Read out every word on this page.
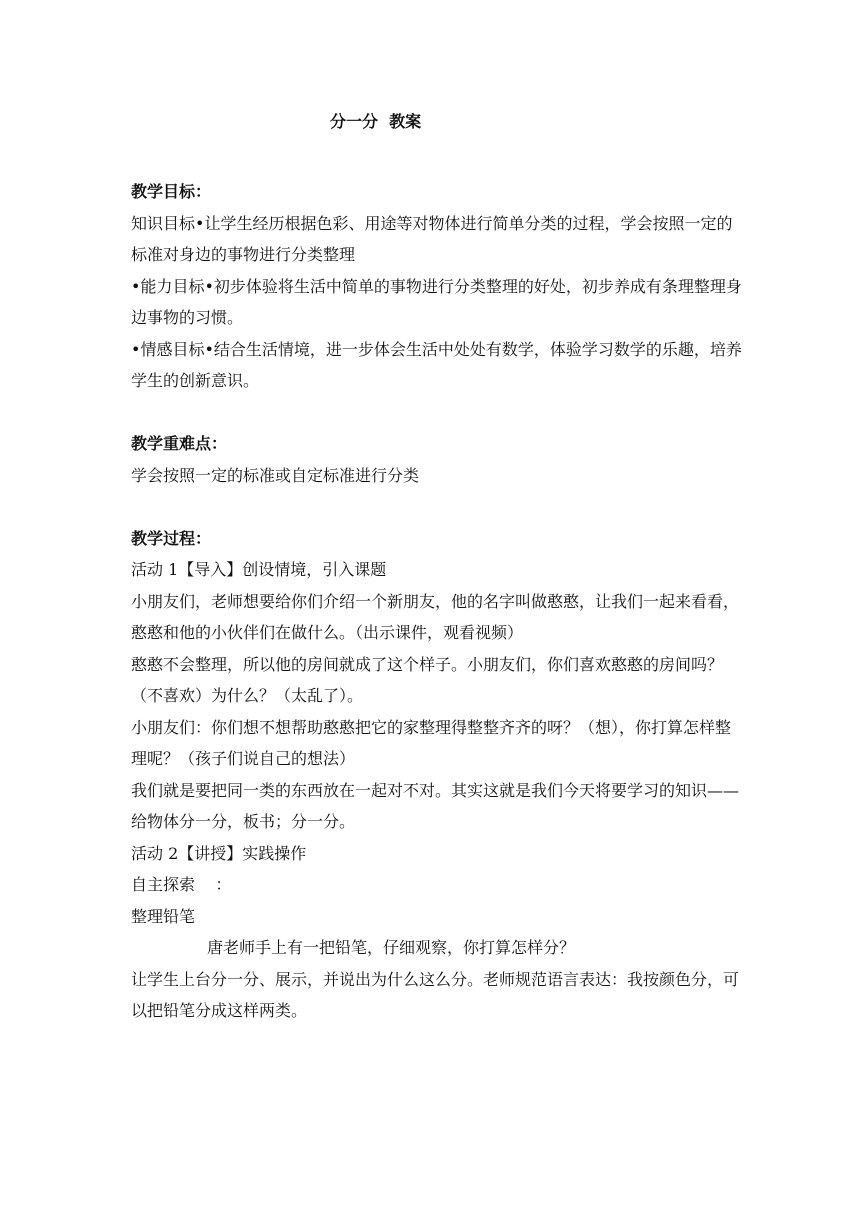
分一分  教案

教学目标：

知识目标•让学生经历根据色彩、用途等对物体进行简单分类的过程，学会按照一定的标准对身边的事物进行分类整理

•能力目标•初步体验将生活中简单的事物进行分类整理的好处，初步养成有条理整理身边事物的习惯。

•情感目标•结合生活情境，进一步体会生活中处处有数学，体验学习数学的乐趣，培养学生的创新意识。

教学重难点：

学会按照一定的标准或自定标准进行分类

教学过程：

活动 1【导入】创设情境，引入课题

小朋友们，老师想要给你们介绍一个新朋友，他的名字叫做憨憨，让我们一起来看看，憨憨和他的小伙伴们在做什么。（出示课件，观看视频）

憨憨不会整理，所以他的房间就成了这个样子。小朋友们，你们喜欢憨憨的房间吗？（不喜欢）为什么？（太乱了）。

小朋友们：你们想不想帮助憨憨把它的家整理得整整齐齐的呀？（想），你打算怎样整理呢？（孩子们说自己的想法）

我们就是要把同一类的东西放在一起对不对。其实这就是我们今天将要学习的知识——给物体分一分，板书；分一分。

活动 2【讲授】实践操作

自主探索    ：

整理铅笔

唐老师手上有一把铅笔，仔细观察，你打算怎样分？

让学生上台分一分、展示，并说出为什么这么分。老师规范语言表达：我按颜色分，可以把铅笔分成这样两类。
